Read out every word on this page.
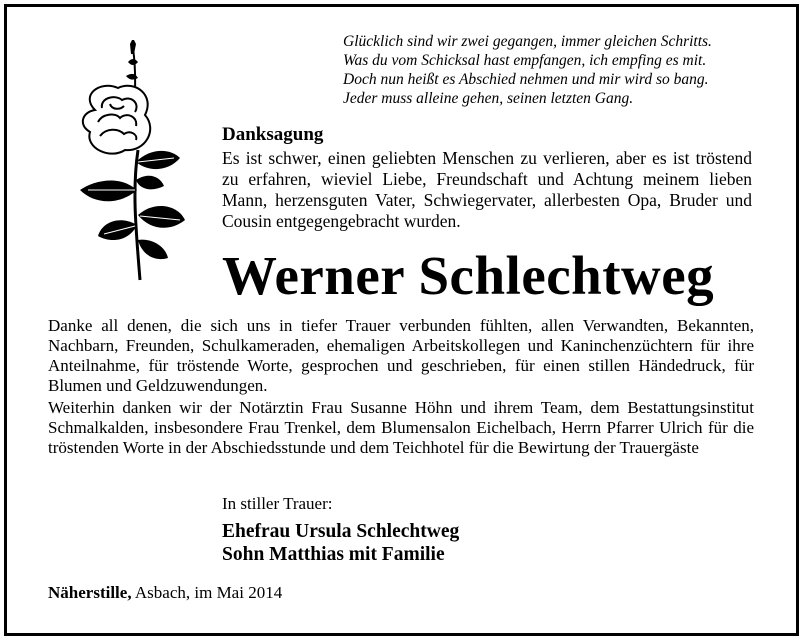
Glücklich sind wir zwei gegangen, immer gleichen Schritts.
Was du vom Schicksal hast empfangen, ich empfing es mit.
Doch nun heißt es Abschied nehmen und mir wird so bang.
Jeder muss alleine gehen, seinen letzten Gang.
Danksagung
Es ist schwer, einen geliebten Menschen zu verlieren, aber es ist tröstend zu erfahren, wieviel Liebe, Freundschaft und Achtung meinem lieben Mann, herzensguten Vater, Schwiegervater, allerbesten Opa, Bruder und Cousin entgegengebracht wurden.
Werner Schlechtweg
Danke all denen, die sich uns in tiefer Trauer verbunden fühlten, allen Verwandten, Bekannten, Nachbarn, Freunden, Schulkameraden, ehemaligen Arbeitskollegen und Kaninchenzüchtern für ihre Anteilnahme, für tröstende Worte, gesprochen und geschrieben, für einen stillen Händedruck, für Blumen und Geldzuwendungen.
Weiterhin danken wir der Notärztin Frau Susanne Höhn und ihrem Team, dem Bestattungsinstitut Schmalkalden, insbesondere Frau Trenkel, dem Blumensalon Eichelbach, Herrn Pfarrer Ulrich für die tröstenden Worte in der Abschiedsstunde und dem Teichhotel für die Bewirtung der Trauergäste
In stiller Trauer:
Ehefrau Ursula Schlechtweg
Sohn Matthias mit Familie
Näherstille, Asbach, im Mai 2014
